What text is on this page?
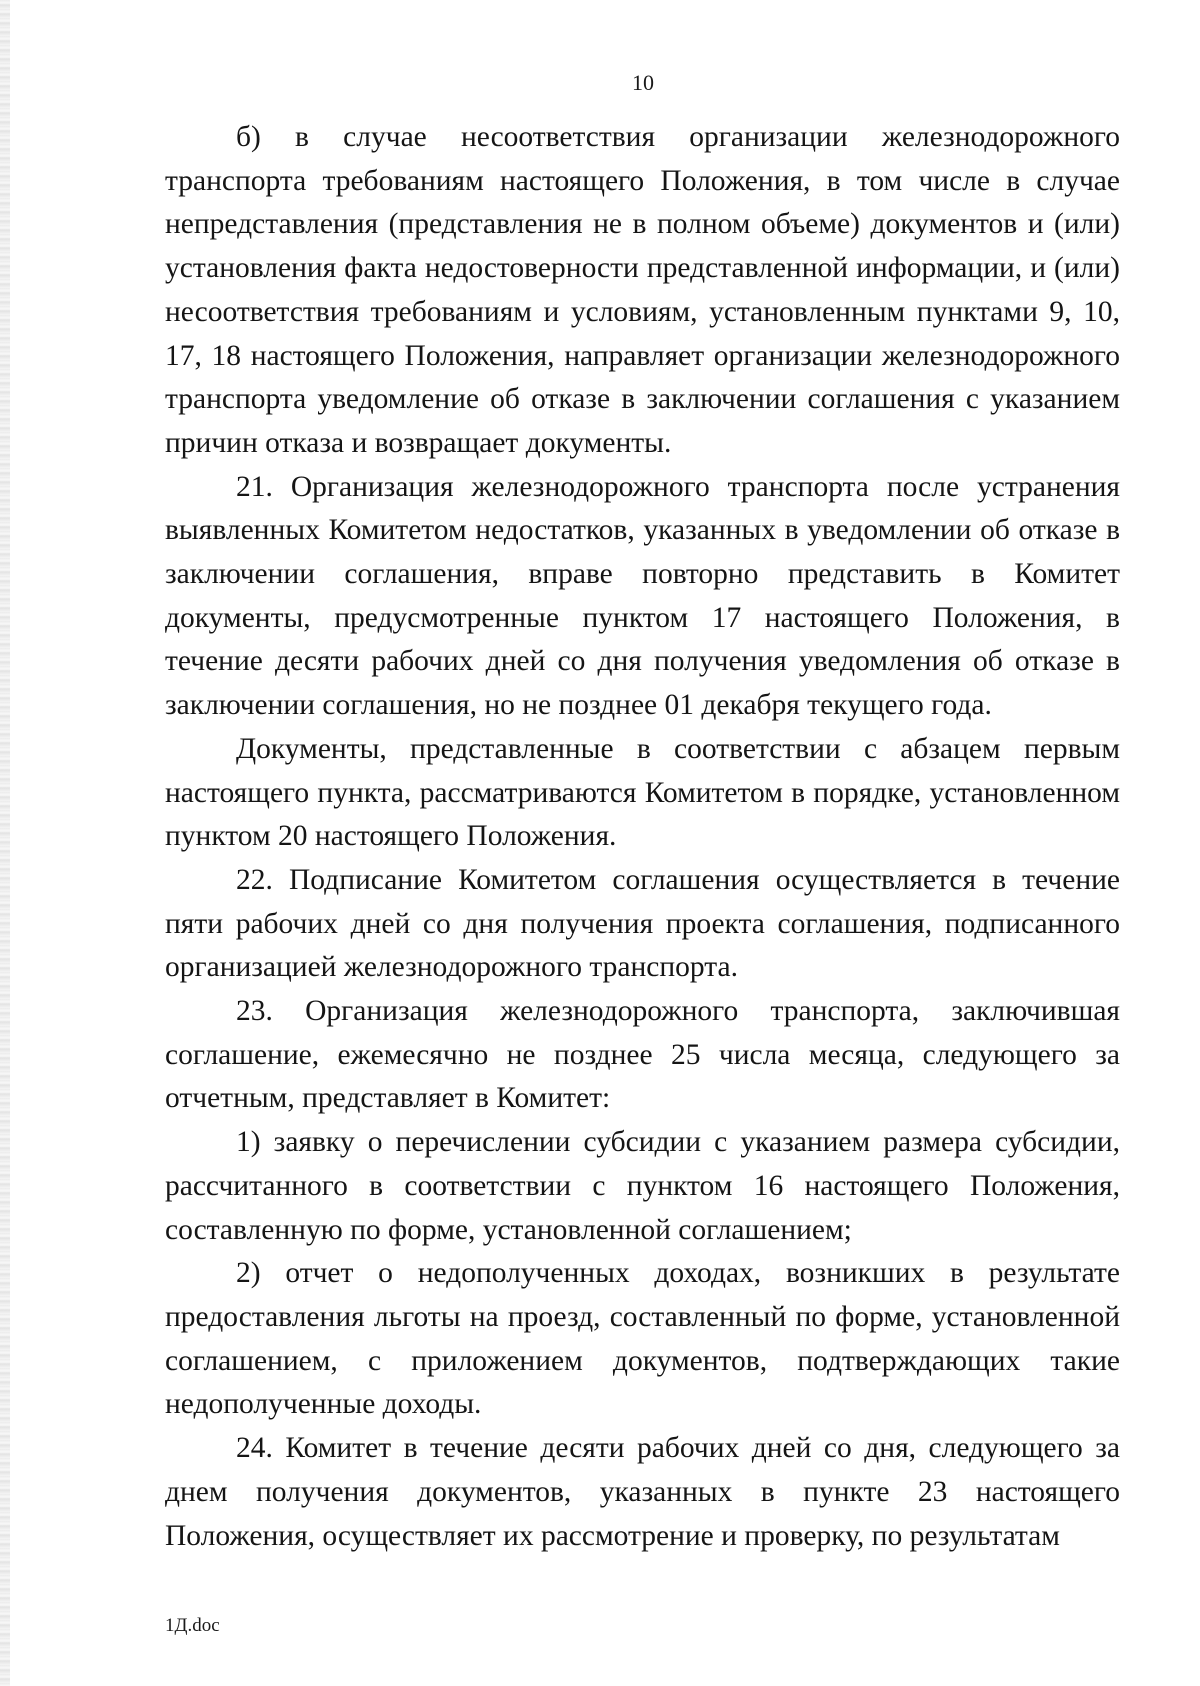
10

б) в случае несоответствия организации железнодорожного транспорта требованиям настоящего Положения, в том числе в случае непредставления (представления не в полном объеме) документов и (или) установления факта недостоверности представленной информации, и (или) несоответствия требованиям и условиям, установленным пунктами 9, 10, 17, 18 настоящего Положения, направляет организации железнодорожного транспорта уведомление об отказе в заключении соглашения с указанием причин отказа и возвращает документы.

21. Организация железнодорожного транспорта после устранения выявленных Комитетом недостатков, указанных в уведомлении об отказе в заключении соглашения, вправе повторно представить в Комитет документы, предусмотренные пунктом 17 настоящего Положения, в течение десяти рабочих дней со дня получения уведомления об отказе в заключении соглашения, но не позднее 01 декабря текущего года.

Документы, представленные в соответствии с абзацем первым настоящего пункта, рассматриваются Комитетом в порядке, установленном пунктом 20 настоящего Положения.

22. Подписание Комитетом соглашения осуществляется в течение пяти рабочих дней со дня получения проекта соглашения, подписанного организацией железнодорожного транспорта.

23. Организация железнодорожного транспорта, заключившая соглашение, ежемесячно не позднее 25 числа месяца, следующего за отчетным, представляет в Комитет:

1) заявку о перечислении субсидии с указанием размера субсидии, рассчитанного в соответствии с пунктом 16 настоящего Положения, составленную по форме, установленной соглашением;

2) отчет о недополученных доходах, возникших в результате предоставления льготы на проезд, составленный по форме, установленной соглашением, с приложением документов, подтверждающих такие недополученные доходы.

24. Комитет в течение десяти рабочих дней со дня, следующего за днем получения документов, указанных в пункте 23 настоящего Положения, осуществляет их рассмотрение и проверку, по результатам

1Д.doc
